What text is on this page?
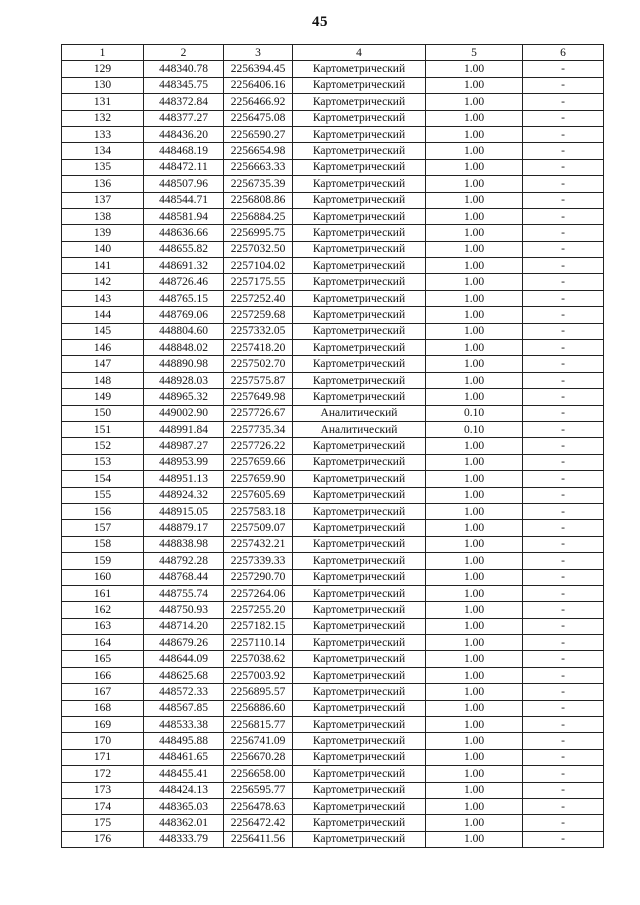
45
1	2	3	4	5	6
129	448340.78	2256394.45	Картометрический	1.00	-
130	448345.75	2256406.16	Картометрический	1.00	-
131	448372.84	2256466.92	Картометрический	1.00	-
132	448377.27	2256475.08	Картометрический	1.00	-
133	448436.20	2256590.27	Картометрический	1.00	-
134	448468.19	2256654.98	Картометрический	1.00	-
135	448472.11	2256663.33	Картометрический	1.00	-
136	448507.96	2256735.39	Картометрический	1.00	-
137	448544.71	2256808.86	Картометрический	1.00	-
138	448581.94	2256884.25	Картометрический	1.00	-
139	448636.66	2256995.75	Картометрический	1.00	-
140	448655.82	2257032.50	Картометрический	1.00	-
141	448691.32	2257104.02	Картометрический	1.00	-
142	448726.46	2257175.55	Картометрический	1.00	-
143	448765.15	2257252.40	Картометрический	1.00	-
144	448769.06	2257259.68	Картометрический	1.00	-
145	448804.60	2257332.05	Картометрический	1.00	-
146	448848.02	2257418.20	Картометрический	1.00	-
147	448890.98	2257502.70	Картометрический	1.00	-
148	448928.03	2257575.87	Картометрический	1.00	-
149	448965.32	2257649.98	Картометрический	1.00	-
150	449002.90	2257726.67	Аналитический	0.10	-
151	448991.84	2257735.34	Аналитический	0.10	-
152	448987.27	2257726.22	Картометрический	1.00	-
153	448953.99	2257659.66	Картометрический	1.00	-
154	448951.13	2257659.90	Картометрический	1.00	-
155	448924.32	2257605.69	Картометрический	1.00	-
156	448915.05	2257583.18	Картометрический	1.00	-
157	448879.17	2257509.07	Картометрический	1.00	-
158	448838.98	2257432.21	Картометрический	1.00	-
159	448792.28	2257339.33	Картометрический	1.00	-
160	448768.44	2257290.70	Картометрический	1.00	-
161	448755.74	2257264.06	Картометрический	1.00	-
162	448750.93	2257255.20	Картометрический	1.00	-
163	448714.20	2257182.15	Картометрический	1.00	-
164	448679.26	2257110.14	Картометрический	1.00	-
165	448644.09	2257038.62	Картометрический	1.00	-
166	448625.68	2257003.92	Картометрический	1.00	-
167	448572.33	2256895.57	Картометрический	1.00	-
168	448567.85	2256886.60	Картометрический	1.00	-
169	448533.38	2256815.77	Картометрический	1.00	-
170	448495.88	2256741.09	Картометрический	1.00	-
171	448461.65	2256670.28	Картометрический	1.00	-
172	448455.41	2256658.00	Картометрический	1.00	-
173	448424.13	2256595.77	Картометрический	1.00	-
174	448365.03	2256478.63	Картометрический	1.00	-
175	448362.01	2256472.42	Картометрический	1.00	-
176	448333.79	2256411.56	Картометрический	1.00	-
